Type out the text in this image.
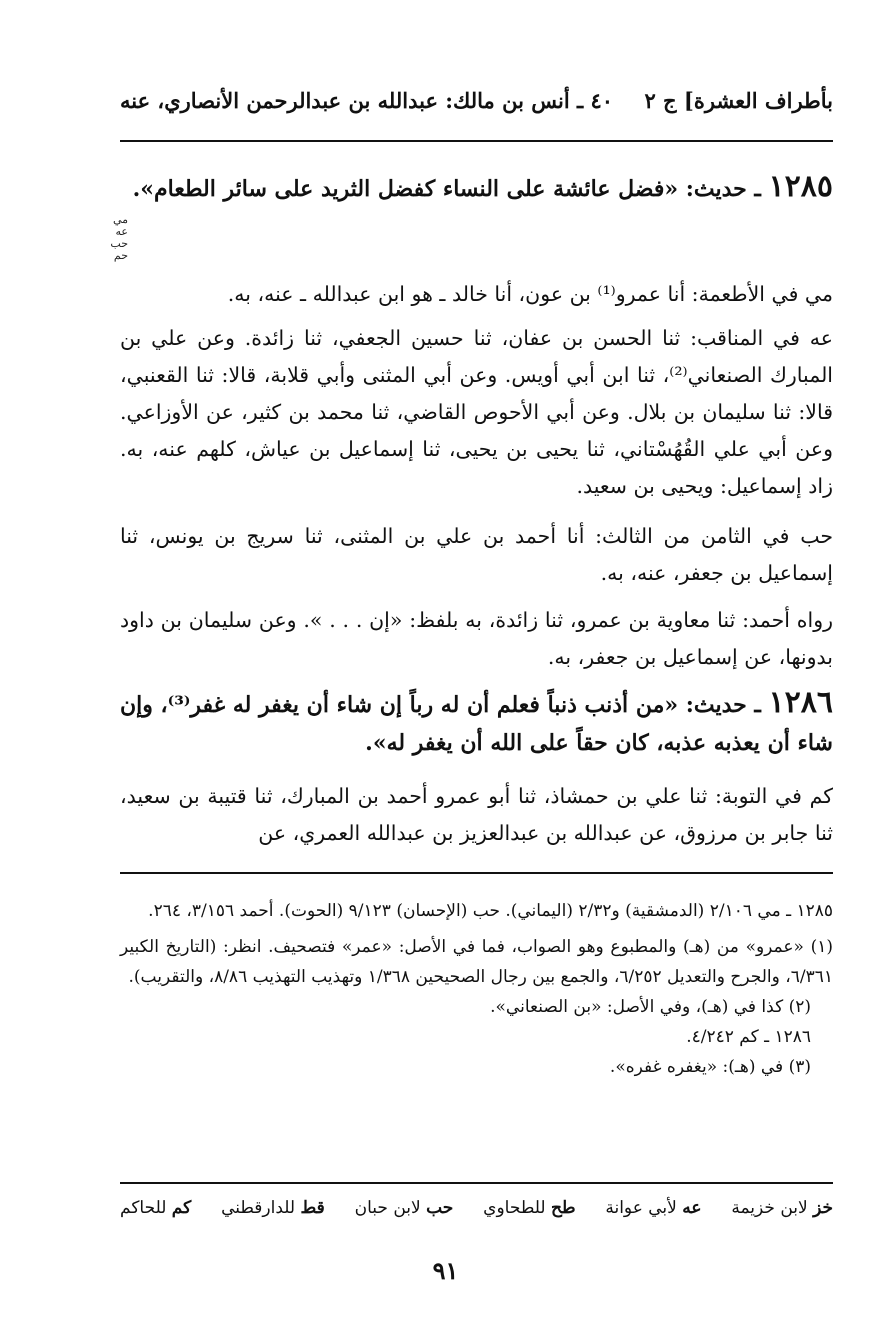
بأطراف العشرة] ج ٢
٤٠ ـ أنس بن مالك: عبدالله بن عبدالرحمن الأنصاري، عنه
١٢٨٥ ـ حديث: «فضل عائشة على النساء كفضل الثريد على سائر الطعام».
مي عه حب حم
مي في الأطعمة: أنا عمرو⁽¹⁾ بن عون، أنا خالد ـ هو ابن عبدالله ـ عنه، به.
عه في المناقب: ثنا الحسن بن عفان، ثنا حسين الجعفي، ثنا زائدة. وعن علي بن المبارك الصنعاني⁽²⁾، ثنا ابن أبي أويس. وعن أبي المثنى وأبي قلابة، قالا: ثنا القعنبي، قالا: ثنا سليمان بن بلال. وعن أبي الأحوص القاضي، ثنا محمد بن كثير، عن الأوزاعي. وعن أبي علي القُهُسْتاني، ثنا يحيى بن يحيى، ثنا إسماعيل بن عياش، كلهم عنه، به. زاد إسماعيل: ويحيى بن سعيد.
حب في الثامن من الثالث: أنا أحمد بن علي بن المثنى، ثنا سريج بن يونس، ثنا إسماعيل بن جعفر، عنه، به.
رواه أحمد: ثنا معاوية بن عمرو، ثنا زائدة، به بلفظ: «إن . . . ». وعن سليمان بن داود بدونها، عن إسماعيل بن جعفر، به.
١٢٨٦ ـ حديث: «من أذنب ذنباً فعلم أن له رباً إن شاء أن يغفر له غفر⁽³⁾، وإن شاء أن يعذبه عذبه، كان حقاً على الله أن يغفر له».
كم في التوبة: ثنا علي بن حمشاذ، ثنا أبو عمرو أحمد بن المبارك، ثنا قتيبة بن سعيد، ثنا جابر بن مرزوق، عن عبدالله بن عبدالعزيز بن عبدالله العمري، عن
١٢٨٥ ـ مي ٢/١٠٦ (الدمشقية) و٢/٣٢ (اليماني). حب (الإحسان) ٩/١٢٣ (الحوت). أحمد ٣/١٥٦، ٢٦٤.
(١) «عمرو» من (هـ) والمطبوع وهو الصواب، فما في الأصل: «عمر» فتصحيف. انظر: (التاريخ الكبير ٦/٣٦١، والجرح والتعديل ٦/٢٥٢، والجمع بين رجال الصحيحين ١/٣٦٨ وتهذيب التهذيب ٨/٨٦، والتقريب).
(٢) كذا في (هـ)، وفي الأصل: «بن الصنعاني».
١٢٨٦ ـ كم ٤/٢٤٢.
(٣) في (هـ): «يغفره غفره».
خز لابن خزيمة
عه لأبي عوانة
طح للطحاوي
حب لابن حبان
قط للدارقطني
كم للحاكم
٩١
